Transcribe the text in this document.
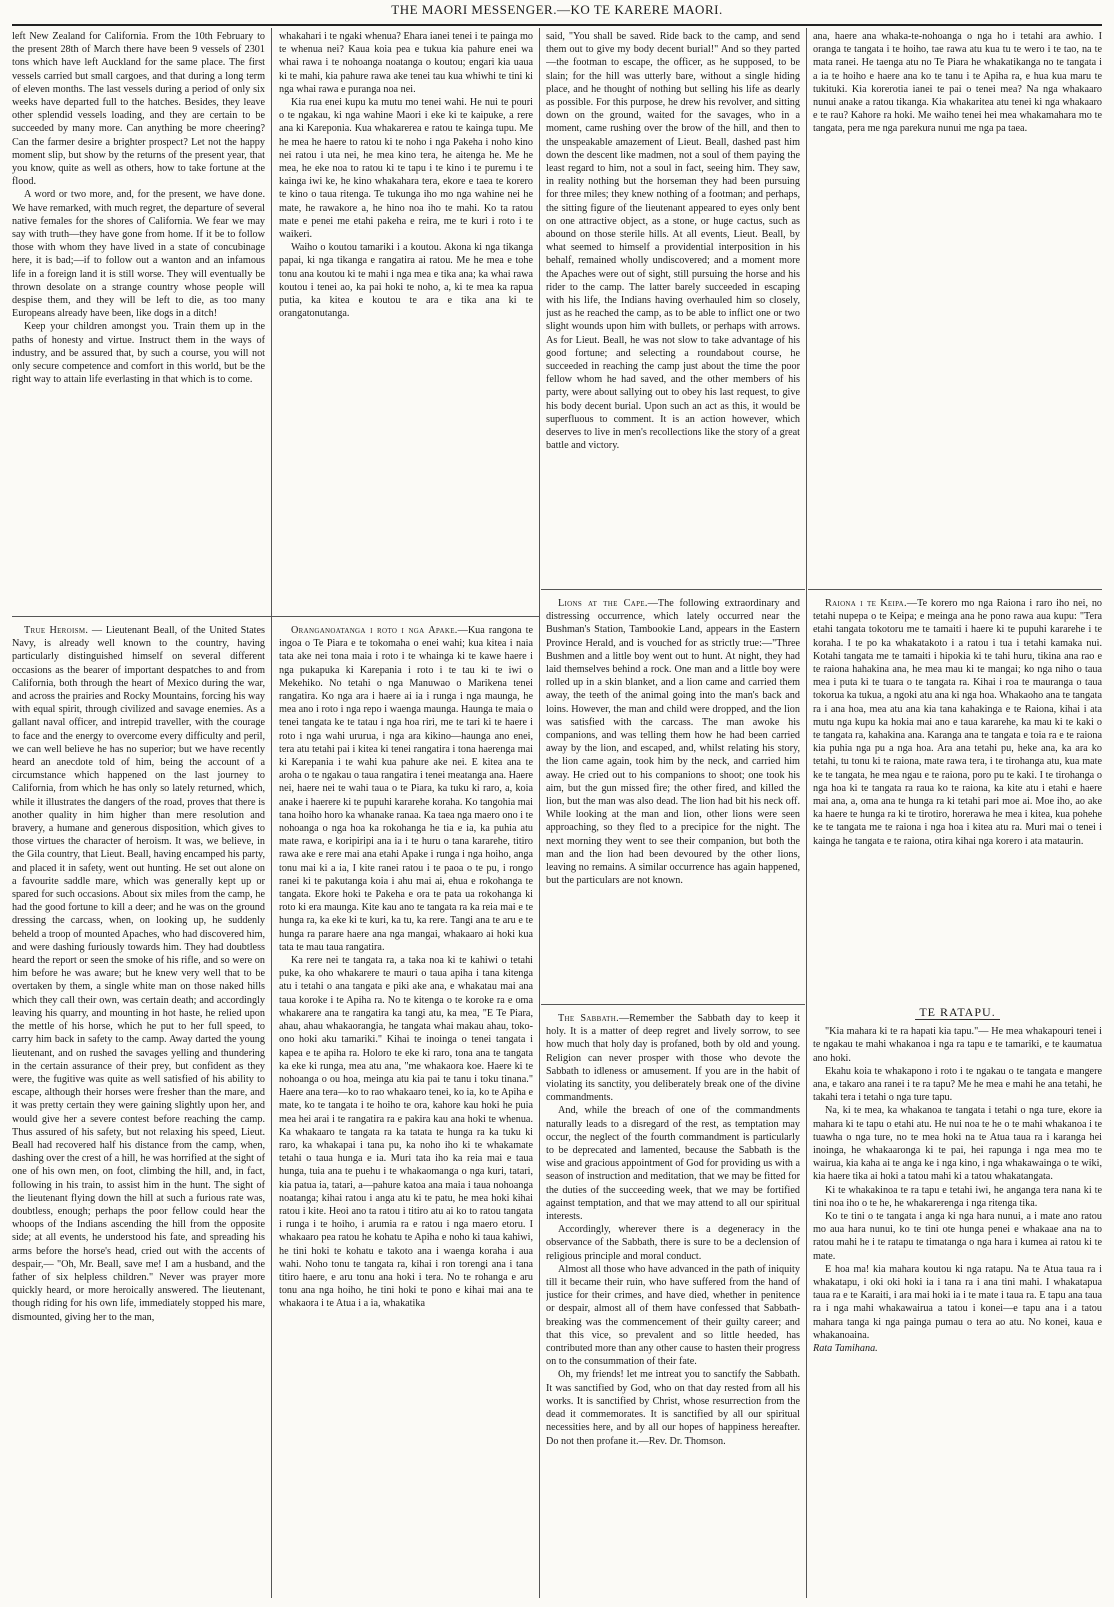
THE MAORI MESSENGER.—KO TE KARERE MAORI.

left New Zealand for California. From the 10th February to the present 28th of March there have been 9 vessels of 2301 tons which have left Auckland for the same place. The first vessels carried but small cargoes, and that during a long term of eleven months. The last vessels during a period of only six weeks have departed full to the hatches. Besides, they leave other splendid vessels loading, and they are certain to be succeeded by many more. Can anything be more cheering? Can the farmer desire a brighter prospect? Let not the happy moment slip, but show by the returns of the present year, that you know, quite as well as others, how to take fortune at the flood.

A word or two more, and, for the present, we have done. We have remarked, with much regret, the departure of several native females for the shores of California. We fear we may say with truth—they have gone from home. If it be to follow those with whom they have lived in a state of concubinage here, it is bad;—if to follow out a wanton and an infamous life in a foreign land it is still worse. They will eventually be thrown desolate on a strange country whose people will despise them, and they will be left to die, as too many Europeans already have been, like dogs in a ditch!

Keep your children amongst you. Train them up in the paths of honesty and virtue. Instruct them in the ways of industry, and be assured that, by such a course, you will not only secure competence and comfort in this world, but be the right way to attain life everlasting in that which is to come.

whakahari i te ngaki whenua? Ehara ianei tenei i te painga mo te whenua nei? Kaua koia pea e tukua kia pahure enei wa whai rawa i te nohoanga noatanga o koutou; engari kia uaua ki te mahi, kia pahure rawa ake tenei tau kua whiwhi te tini ki nga whai rawa e puranga noa nei.

Kia rua enei kupu ka mutu mo tenei wahi. He nui te pouri o te ngakau, ki nga wahine Maori i eke ki te kaipuke, a rere ana ki Kareponia. Kua whakarerea e ratou te kainga tupu. Me he mea he haere to ratou ki te noho i nga Pakeha i noho kino nei ratou i uta nei, he mea kino tera, he aitenga he. Me he mea, he eke noa to ratou ki te tapu i te kino i te puremu i te kainga iwi ke, he kino whakahara tera, ekore e taea te korero te kino o taua ritenga. Te tukunga iho mo nga wahine nei he mate, he rawakore a, he hino noa iho te mahi. Ko ta ratou mate e penei me etahi pakeha e reira, me te kuri i roto i te waikeri.

Waiho o koutou tamariki i a koutou. Akona ki nga tikanga papai, ki nga tikanga e rangatira ai ratou. Me he mea e tohe tonu ana koutou ki te mahi i nga mea e tika ana; ka whai rawa koutou i tenei ao, ka pai hoki te noho, a, ki te mea ka rapua putia, ka kitea e koutou te ara e tika ana ki te orangatonutanga.

True Heroism. — Lieutenant Beall, of the United States Navy, is already well known to the country, having particularly distinguished himself on several different occasions as the bearer of important despatches to and from California, both through the heart of Mexico during the war, and across the prairies and Rocky Mountains, forcing his way with equal spirit, through civilized and savage enemies. As a gallant naval officer, and intrepid traveller, with the courage to face and the energy to overcome every difficulty and peril, we can well believe he has no superior; but we have recently heard an anecdote told of him, being the account of a circumstance which happened on the last journey to California, from which he has only so lately returned, which, while it illustrates the dangers of the road, proves that there is another quality in him higher than mere resolution and bravery, a humane and generous disposition, which gives to those virtues the character of heroism. It was, we believe, in the Gila country, that Lieut. Beall, having encamped his party, and placed it in safety, went out hunting. He set out alone on a favourite saddle mare, which was generally kept up or spared for such occasions. About six miles from the camp, he had the good fortune to kill a deer; and he was on the ground dressing the carcass, when, on looking up, he suddenly beheld a troop of mounted Apaches, who had discovered him, and were dashing furiously towards him. They had doubtless heard the report or seen the smoke of his rifle, and so were on him before he was aware; but he knew very well that to be overtaken by them, a single white man on those naked hills which they call their own, was certain death; and accordingly leaving his quarry, and mounting in hot haste, he relied upon the mettle of his horse, which he put to her full speed, to carry him back in safety to the camp. Away darted the young lieutenant, and on rushed the savages yelling and thundering in the certain assurance of their prey, but confident as they were, the fugitive was quite as well satisfied of his ability to escape, although their horses were fresher than the mare, and it was pretty certain they were gaining slightly upon her, and would give her a severe contest before reaching the camp. Thus assured of his safety, but not relaxing his speed, Lieut. Beall had recovered half his distance from the camp, when, dashing over the crest of a hill, he was horrified at the sight of one of his own men, on foot, climbing the hill, and, in fact, following in his train, to assist him in the hunt. The sight of the lieutenant flying down the hill at such a furious rate was, doubtless, enough; perhaps the poor fellow could hear the whoops of the Indians ascending the hill from the opposite side; at all events, he understood his fate, and spreading his arms before the horse's head, cried out with the accents of despair,— "Oh, Mr. Beall, save me! I am a husband, and the father of six helpless children." Never was prayer more quickly heard, or more heroically answered. The lieutenant, though riding for his own life, immediately stopped his mare, dismounted, giving her to the man,

Oranganoatanga i roto i nga Apake.—Kua rangona te ingoa o Te Piara e te tokomaha o enei wahi; kua kitea i naia tata ake nei tona maia i roto i te whainga ki te kawe haere i nga pukapuka ki Karepania i roto i te tau ki te iwi o Mekehiko. No tetahi o nga Manuwao o Marikena tenei rangatira. Ko nga ara i haere ai ia i runga i nga maunga, he mea ano i roto i nga repo i waenga maunga. Haunga te maia o tenei tangata ke te tatau i nga hoa riri, me te tari ki te haere i roto i nga wahi ururua, i nga ara kikino—haunga ano enei, tera atu tetahi pai i kitea ki tenei rangatira i tona haerenga mai ki Karepania i te wahi kua pahure ake nei. E kitea ana te aroha o te ngakau o taua rangatira i tenei meatanga ana. Haere nei, haere nei te wahi taua o te Piara, ka tuku ki raro, a, koia anake i haerere ki te pupuhi kararehe koraha. Ko tangohia mai tana hoiho horo ka whanake ranaa. Ka taea nga maero ono i te nohoanga o nga hoa ka rokohanga he tia e ia, ka puhia atu mate rawa, e koripiripi ana ia i te huru o tana kararehe, titiro rawa ake e rere mai ana etahi Apake i runga i nga hoiho, anga tonu mai ki a ia, I kite ranei ratou i te paoa o te pu, i rongo ranei ki te pakutanga koia i ahu mai ai, ehua e rokohanga te tangata. Ekore hoki te Pakeha e ora te pata ua rokohanga ki roto ki era maunga. Kite kau ano te tangata ra ka reia mai e te hunga ra, ka eke ki te kuri, ka tu, ka rere. Tangi ana te aru e te hunga ra parare haere ana nga mangai, whakaaro ai hoki kua tata te mau taua rangatira.

Ka rere nei te tangata ra, a taka noa ki te kahiwi o tetahi puke, ka oho whakarere te mauri o taua apiha i tana kitenga atu i tetahi o ana tangata e piki ake ana, e whakatau mai ana taua koroke i te Apiha ra. No te kitenga o te koroke ra e oma whakarere ana te rangatira ka tangi atu, ka mea, "E Te Piara, ahau, ahau whakaorangia, he tangata whai makau ahau, toko-ono hoki aku tamariki." Kihai te inoinga o tenei tangata i kapea e te apiha ra. Holoro te eke ki raro, tona ana te tangata ka eke ki runga, mea atu ana, "me whakaora koe. Haere ki te nohoanga o ou hoa, meinga atu kia pai te tanu i toku tinana." Haere ana tera—ko to rao whakaaro tenei, ko ia, ko te Apiha e mate, ko te tangata i te hoiho te ora, kahore kau hoki he puia mea hei arai i te rangatira ra e pakira kau ana hoki te whenua. Ka whakaaro te tangata ra ka tatata te hunga ra ka tuku ki raro, ka whakapai i tana pu, ka noho iho ki te whakamate tetahi o taua hunga e ia. Muri tata iho ka reia mai e taua hunga, tuia ana te puehu i te whakaomanga o nga kuri, tatari, kia patua ia, tatari, a—pahure katoa ana maia i taua nohoanga noatanga; kihai ratou i anga atu ki te patu, he mea hoki kihai ratou i kite. Heoi ano ta ratou i titiro atu ai ko to ratou tangata i runga i te hoiho, i arumia ra e ratou i nga maero etoru. I whakaaro pea ratou he kohatu te Apiha e noho ki taua kahiwi, he tini hoki te kohatu e takoto ana i waenga koraha i aua wahi. Noho tonu te tangata ra, kihai i ron torengi ana i tana titiro haere, e aru tonu ana hoki i tera. No te rohanga e aru tonu ana nga hoiho, he tini hoki te pono e kihai mai ana te whakaora i te Atua i a ia, whakatika

said, "You shall be saved. Ride back to the camp, and send them out to give my body decent burial!" And so they parted—the footman to escape, the officer, as he supposed, to be slain; for the hill was utterly bare, without a single hiding place, and he thought of nothing but selling his life as dearly as possible. For this purpose, he drew his revolver, and sitting down on the ground, waited for the savages, who in a moment, came rushing over the brow of the hill, and then to the unspeakable amazement of Lieut. Beall, dashed past him down the descent like madmen, not a soul of them paying the least regard to him, not a soul in fact, seeing him. They saw, in reality nothing but the horseman they had been pursuing for three miles; they knew nothing of a footman; and perhaps, the sitting figure of the lieutenant appeared to eyes only bent on one attractive object, as a stone, or huge cactus, such as abound on those sterile hills. At all events, Lieut. Beall, by what seemed to himself a providential interposition in his behalf, remained wholly undiscovered; and a moment more the Apaches were out of sight, still pursuing the horse and his rider to the camp. The latter barely succeeded in escaping with his life, the Indians having overhauled him so closely, just as he reached the camp, as to be able to inflict one or two slight wounds upon him with bullets, or perhaps with arrows. As for Lieut. Beall, he was not slow to take advantage of his good fortune; and selecting a roundabout course, he succeeded in reaching the camp just about the time the poor fellow whom he had saved, and the other members of his party, were about sallying out to obey his last request, to give his body decent burial. Upon such an act as this, it would be superfluous to comment. It is an action however, which deserves to live in men's recollections like the story of a great battle and victory.

Lions at the Cape.—The following extraordinary and distressing occurrence, which lately occurred near the Bushman's Station, Tambookie Land, appears in the Eastern Province Herald, and is vouched for as strictly true:—"Three Bushmen and a little boy went out to hunt. At night, they had laid themselves behind a rock. One man and a little boy were rolled up in a skin blanket, and a lion came and carried them away, the teeth of the animal going into the man's back and loins. However, the man and child were dropped, and the lion was satisfied with the carcass. The man awoke his companions, and was telling them how he had been carried away by the lion, and escaped, and, whilst relating his story, the lion came again, took him by the neck, and carried him away. He cried out to his companions to shoot; one took his aim, but the gun missed fire; the other fired, and killed the lion, but the man was also dead. The lion had bit his neck off. While looking at the man and lion, other lions were seen approaching, so they fled to a precipice for the night. The next morning they went to see their companion, but both the man and the lion had been devoured by the other lions, leaving no remains. A similar occurrence has again happened, but the particulars are not known.

The Sabbath.—Remember the Sabbath day to keep it holy. It is a matter of deep regret and lively sorrow, to see how much that holy day is profaned, both by old and young. Religion can never prosper with those who devote the Sabbath to idleness or amusement. If you are in the habit of violating its sanctity, you deliberately break one of the divine commandments.

And, while the breach of one of the commandments naturally leads to a disregard of the rest, as temptation may occur, the neglect of the fourth commandment is particularly to be deprecated and lamented, because the Sabbath is the wise and gracious appointment of God for providing us with a season of instruction and meditation, that we may be fitted for the duties of the succeeding week, that we may be fortified against temptation, and that we may attend to all our spiritual interests.

Accordingly, wherever there is a degeneracy in the observance of the Sabbath, there is sure to be a declension of religious principle and moral conduct.

Almost all those who have advanced in the path of iniquity till it became their ruin, who have suffered from the hand of justice for their crimes, and have died, whether in penitence or despair, almost all of them have confessed that Sabbath-breaking was the commencement of their guilty career; and that this vice, so prevalent and so little heeded, has contributed more than any other cause to hasten their progress on to the consummation of their fate.

Oh, my friends! let me intreat you to sanctify the Sabbath. It was sanctified by God, who on that day rested from all his works. It is sanctified by Christ, whose resurrection from the dead it commemorates. It is sanctified by all our spiritual necessities here, and by all our hopes of happiness hereafter. Do not then profane it.—Rev. Dr. Thomson.

ana, haere ana whaka-te-nohoanga o nga ho i tetahi ara awhio. I oranga te tangata i te hoiho, tae rawa atu kua tu te wero i te tao, na te mata ranei. He taenga atu no Te Piara he whakatikanga no te tangata i a ia te hoiho e haere ana ko te tanu i te Apiha ra, e hua kua maru te tukituki. Kia korerotia ianei te pai o tenei mea? Na nga whakaaro nunui anake a ratou tikanga. Kia whakaritea atu tenei ki nga whakaaro e te rau? Kahore ra hoki. Me waiho tenei hei mea whakamahara mo te tangata, pera me nga parekura nunui me nga pa taea.

Raiona i te Keipa.—Te korero mo nga Raiona i raro iho nei, no tetahi nupepa o te Keipa; e meinga ana he pono rawa aua kupu: "Tera etahi tangata tokotoru me te tamaiti i haere ki te pupuhi kararehe i te koraha. I te po ka whakatakoto i a ratou i tua i tetahi kamaka nui. Kotahi tangata me te tamaiti i hipokia ki te tahi huru, tikina ana rao e te raiona hahakina ana, he mea mau ki te mangai; ko nga niho o taua mea i puta ki te tuara o te tangata ra. Kihai i roa te mauranga o taua tokorua ka tukua, a ngoki atu ana ki nga hoa. Whakaoho ana te tangata ra i ana hoa, mea atu ana kia tana kahakinga e te Raiona, kihai i ata mutu nga kupu ka hokia mai ano e taua kararehe, ka mau ki te kaki o te tangata ra, kahakina ana. Karanga ana te tangata e toia ra e te raiona kia puhia nga pu a nga hoa. Ara ana tetahi pu, heke ana, ka ara ko tetahi, tu tonu ki te raiona, mate rawa tera, i te tirohanga atu, kua mate ke te tangata, he mea ngau e te raiona, poro pu te kaki. I te tirohanga o nga hoa ki te tangata ra raua ko te raiona, ka kite atu i etahi e haere mai ana, a, oma ana te hunga ra ki tetahi pari moe ai. Moe iho, ao ake ka haere te hunga ra ki te tirotiro, horerawa he mea i kitea, kua pohehe ke te tangata me te raiona i nga hoa i kitea atu ra. Muri mai o tenei i kainga he tangata e te raiona, otira kihai nga korero i ata mataurin.

TE RATAPU.

"Kia mahara ki te ra hapati kia tapu."— He mea whakapouri tenei i te ngakau te mahi whakanoa i nga ra tapu e te tamariki, e te kaumatua ano hoki.

Ekahu koia te whakapono i roto i te ngakau o te tangata e mangere ana, e takaro ana ranei i te ra tapu? Me he mea e mahi he ana tetahi, he takahi tera i tetahi o nga ture tapu.

Na, ki te mea, ka whakanoa te tangata i tetahi o nga ture, ekore ia mahara ki te tapu o etahi atu. He nui noa te he o te mahi whakanoa i te tuawha o nga ture, no te mea hoki na te Atua taua ra i karanga hei inoinga, he whakaaronga ki te pai, hei rapunga i nga mea mo te wairua, kia kaha ai te anga ke i nga kino, i nga whakawainga o te wiki, kia haere tika ai hoki a tatou mahi ki a tatou whakatangata.

Ki te whakakinoa te ra tapu e tetahi iwi, he anganga tera nana ki te tini noa iho o te he, he whakarerenga i nga ritenga tika.

Ko te tini o te tangata i anga ki nga hara nunui, a i mate ano ratou mo aua hara nunui, ko te tini ote hunga penei e whakaae ana na to ratou mahi he i te ratapu te timatanga o nga hara i kumea ai ratou ki te mate.

E hoa ma! kia mahara koutou ki nga ratapu. Na te Atua taua ra i whakatapu, i oki oki hoki ia i tana ra i ana tini mahi. I whakatapua taua ra e te Karaiti, i ara mai hoki ia i te mate i taua ra. E tapu ana taua ra i nga mahi whakawairua a tatou i konei—e tapu ana i a tatou mahara tanga ki nga painga pumau o tera ao atu. No konei, kaua e whakanoaina.

Rata Tamihana.
